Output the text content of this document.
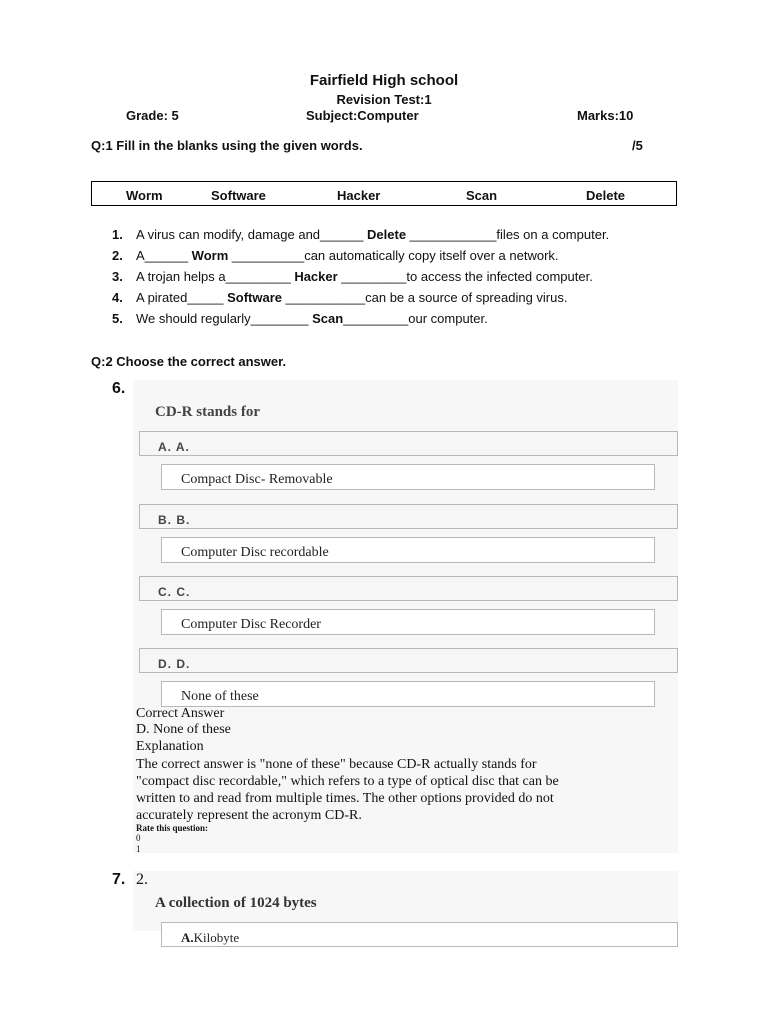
Fairfield High school
Revision Test:1
Grade: 5	Subject:Computer	Marks:10
Q:1 Fill in the blanks using the given words.	/5
Worm	Software	Hacker	Scan	Delete
1. A virus can modify, damage and______ Delete ____________files on a computer.
2. A______ Worm __________can automatically copy itself over a network.
3. A trojan helps a_________ Hacker _________to access the infected computer.
4. A pirated_____ Software ___________can be a source of spreading virus.
5. We should regularly________ Scan_________our computer.
Q:2 Choose the correct answer.
6.
CD-R stands for
A. A.
Compact Disc- Removable
B. B.
Computer Disc recordable
C. C.
Computer Disc Recorder
D. D.
None of these
Correct Answer
D. None of these
Explanation
The correct answer is "none of these" because CD-R actually stands for
"compact disc recordable," which refers to a type of optical disc that can be
written to and read from multiple times. The other options provided do not
accurately represent the acronym CD-R.
Rate this question:
0
1
7. 2.
A collection of 1024 bytes
A.Kilobyte
